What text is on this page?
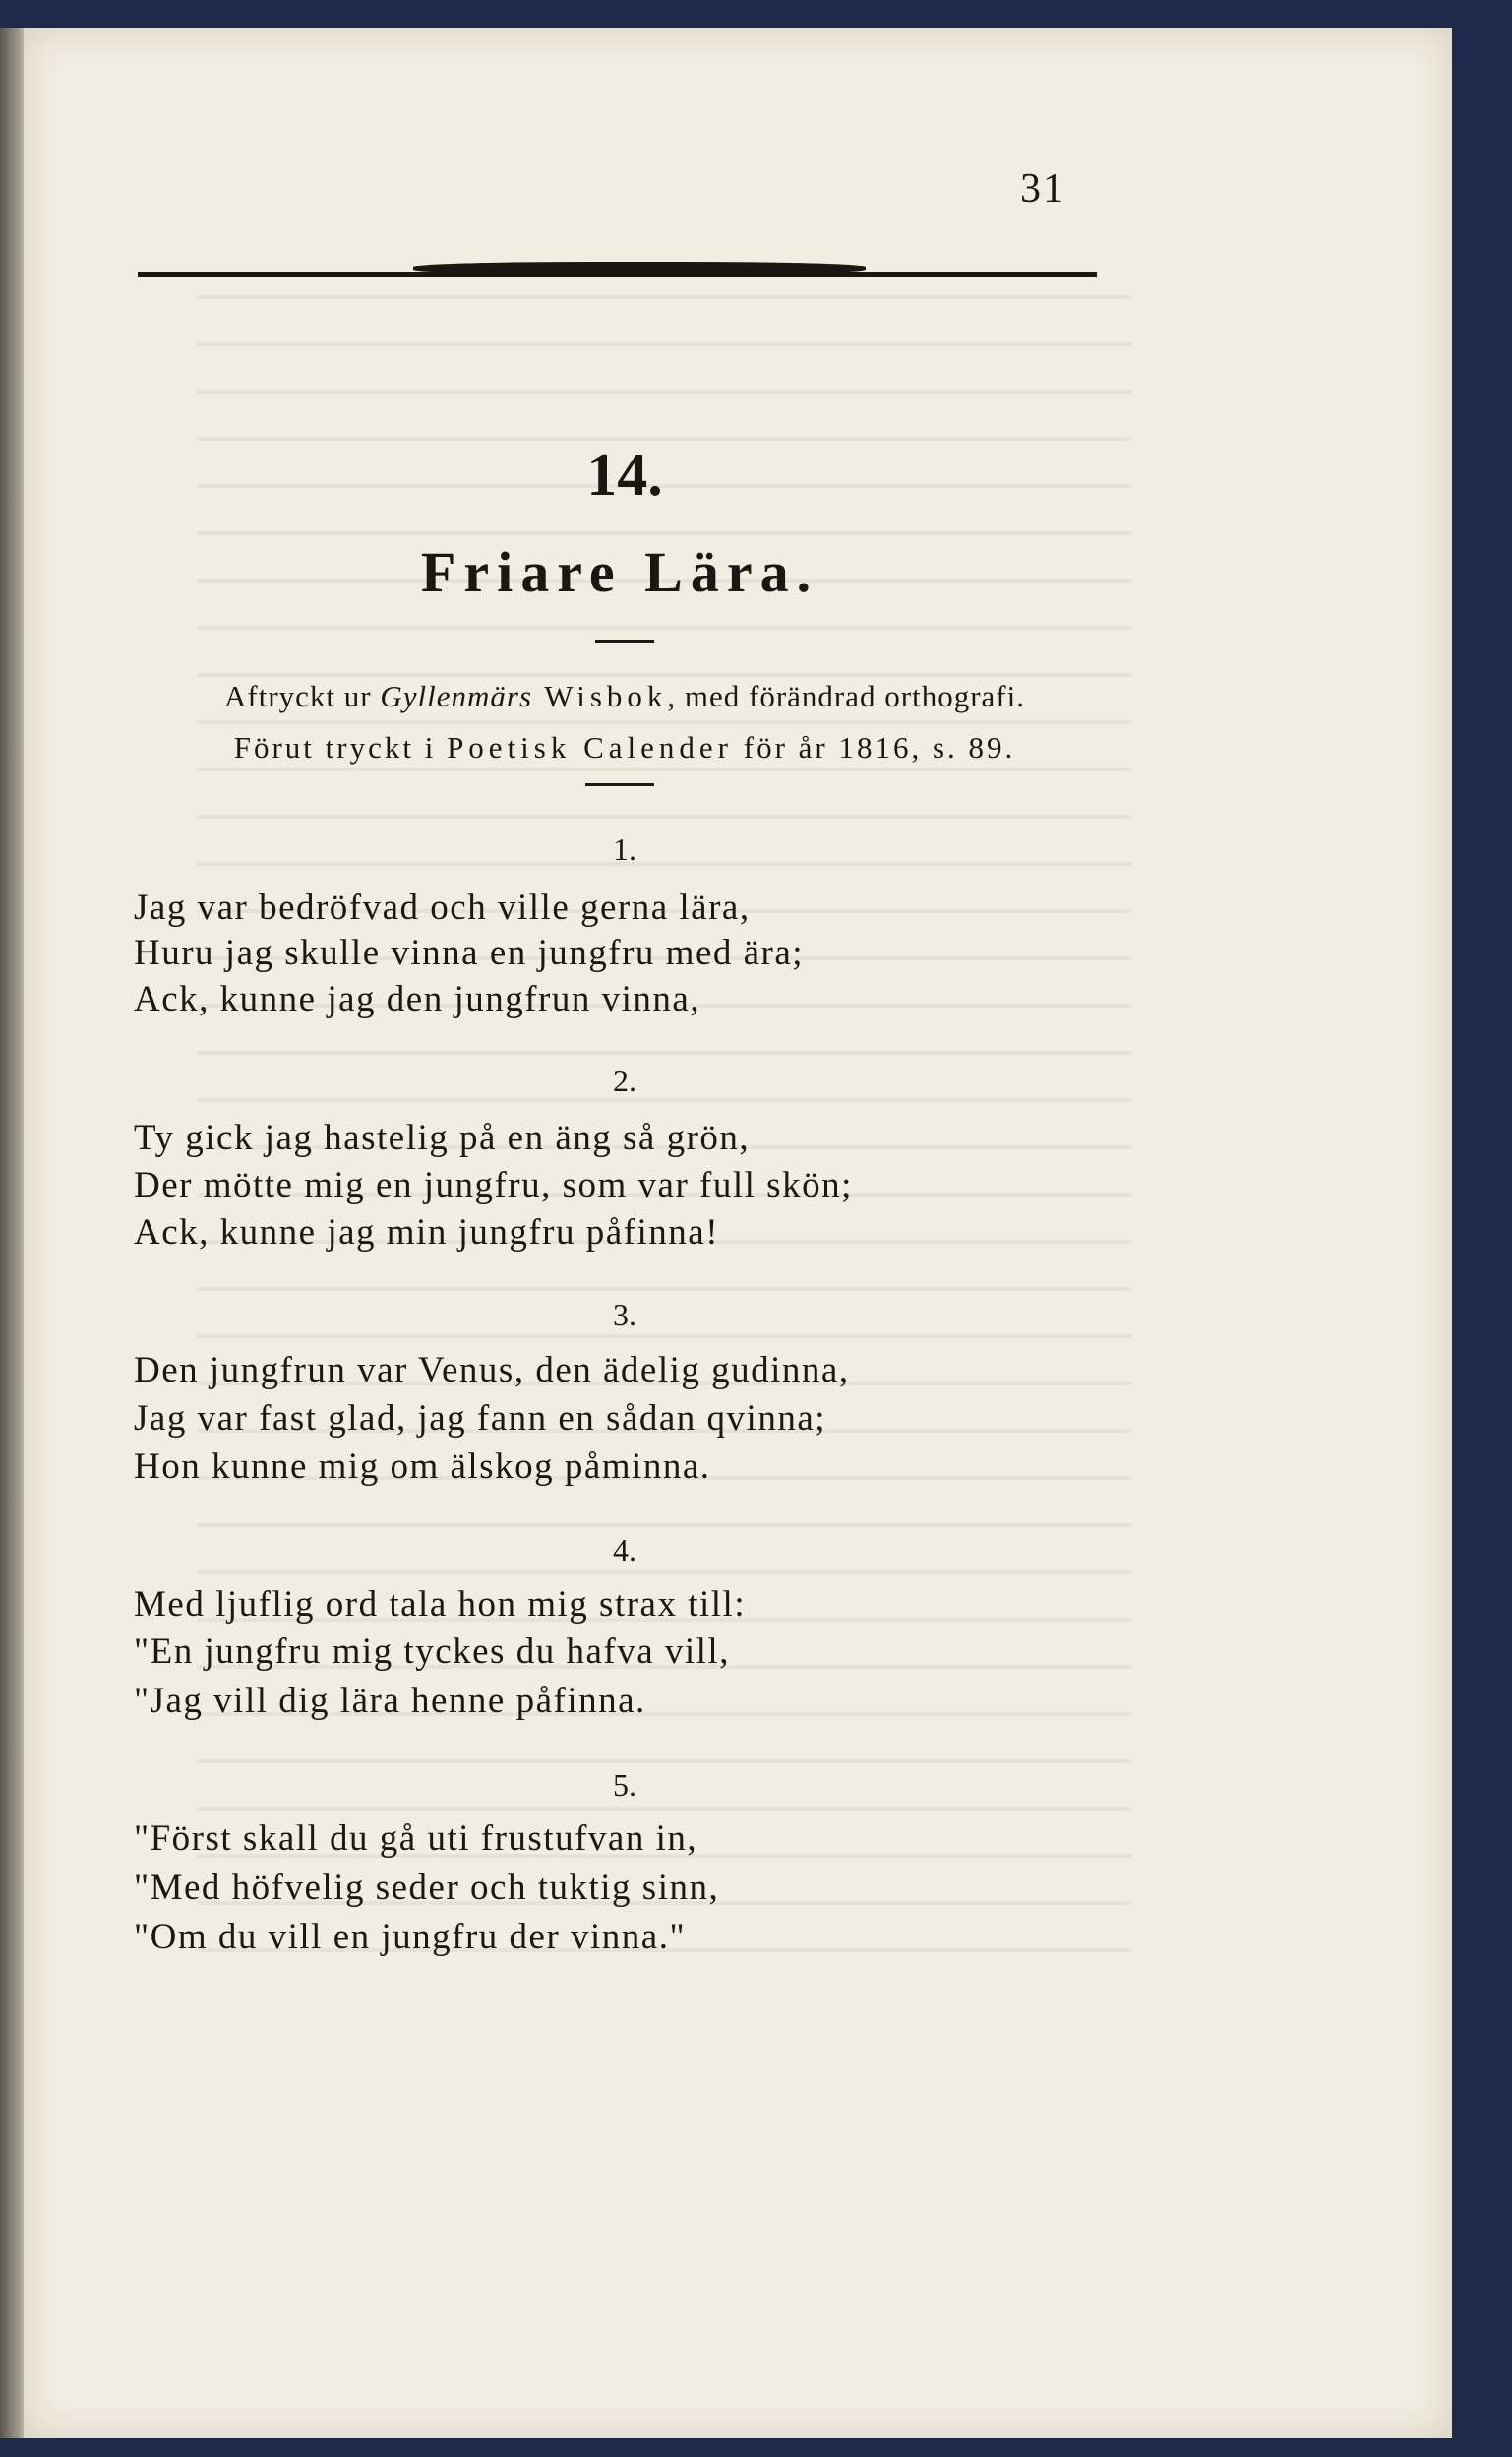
31
14.
Friare Lära.
Aftryckt ur Gyllenmärs Wisbok, med förändrad orthografi.
Förut tryckt i Poetisk Calender för år 1816, s. 89.
1.
Jag var bedröfvad och ville gerna lära,
Huru jag skulle vinna en jungfru med ära;
Ack, kunne jag den jungfrun vinna,
2.
Ty gick jag hastelig på en äng så grön,
Der mötte mig en jungfru, som var full skön;
Ack, kunne jag min jungfru påfinna!
3.
Den jungfrun var Venus, den ädelig gudinna,
Jag var fast glad, jag fann en sådan qvinna;
Hon kunne mig om älskog påminna.
4.
Med ljuflig ord tala hon mig strax till:
"En jungfru mig tyckes du hafva vill,
"Jag vill dig lära henne påfinna.
5.
"Först skall du gå uti frustufvan in,
"Med höfvelig seder och tuktig sinn,
"Om du vill en jungfru der vinna."
